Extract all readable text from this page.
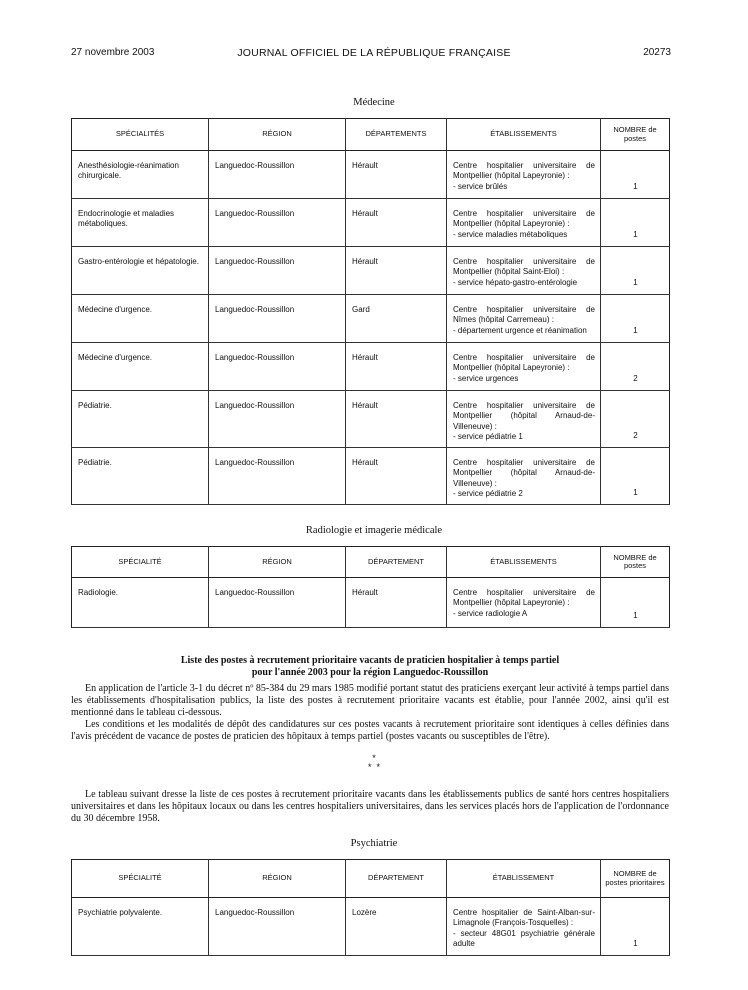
27 novembre 2003	JOURNAL OFFICIEL DE LA RÉPUBLIQUE FRANÇAISE	20273
Médecine
SPÉCIALITÉS	RÉGION	DÉPARTEMENTS	ÉTABLISSEMENTS	NOMBRE de postes
Anesthésiologie-réanimation chirurgicale.	Languedoc-Roussillon	Hérault	Centre hospitalier universitaire de Montpellier (hôpital Lapeyronie) :
- service brûlés	1
Endocrinologie et maladies métaboliques.	Languedoc-Roussillon	Hérault	Centre hospitalier universitaire de Montpellier (hôpital Lapeyronie) :
- service maladies métaboliques	1
Gastro-entérologie et hépatologie.	Languedoc-Roussillon	Hérault	Centre hospitalier universitaire de Montpellier (hôpital Saint-Eloi) :
- service hépato-gastro-entérologie	1
Médecine d'urgence.	Languedoc-Roussillon	Gard	Centre hospitalier universitaire de Nîmes (hôpital Carremeau) :
- département urgence et réanimation	1
Médecine d'urgence.	Languedoc-Roussillon	Hérault	Centre hospitalier universitaire de Montpellier (hôpital Lapeyronie) :
- service urgences	2
Pédiatrie.	Languedoc-Roussillon	Hérault	Centre hospitalier universitaire de Montpellier (hôpital Arnaud-de-Villeneuve) :
- service pédiatrie 1	2
Pédiatrie.	Languedoc-Roussillon	Hérault	Centre hospitalier universitaire de Montpellier (hôpital Arnaud-de-Villeneuve) :
- service pédiatrie 2	1
Radiologie et imagerie médicale
SPÉCIALITÉ	RÉGION	DÉPARTEMENT	ÉTABLISSEMENTS	NOMBRE de postes
Radiologie.	Languedoc-Roussillon	Hérault	Centre hospitalier universitaire de Montpellier (hôpital Lapeyronie) :
- service radiologie A	1
Liste des postes à recrutement prioritaire vacants de praticien hospitalier à temps partiel
pour l'année 2003 pour la région Languedoc-Roussillon
En application de l'article 3-1 du décret nº 85-384 du 29 mars 1985 modifié portant statut des praticiens exerçant leur activité à temps partiel dans les établissements d'hospitalisation publics, la liste des postes à recrutement prioritaire vacants est établie, pour l'année 2002, ainsi qu'il est mentionné dans le tableau ci-dessous.
Les conditions et les modalités de dépôt des candidatures sur ces postes vacants à recrutement prioritaire sont identiques à celles définies dans l'avis précédent de vacance de postes de praticien des hôpitaux à temps partiel (postes vacants ou susceptibles de l'être).
*
*  *
Le tableau suivant dresse la liste de ces postes à recrutement prioritaire vacants dans les établissements publics de santé hors centres hospitaliers universitaires et dans les hôpitaux locaux ou dans les centres hospitaliers universitaires, dans les services placés hors de l'application de l'ordonnance du 30 décembre 1958.
Psychiatrie
SPÉCIALITÉ	RÉGION	DÉPARTEMENT	ÉTABLISSEMENT	NOMBRE de postes prioritaires
Psychiatrie polyvalente.	Languedoc-Roussillon	Lozère	Centre hospitalier de Saint-Alban-sur-Limagnole (François-Tosquelles) :
- secteur 48G01 psychiatrie générale adulte	1
